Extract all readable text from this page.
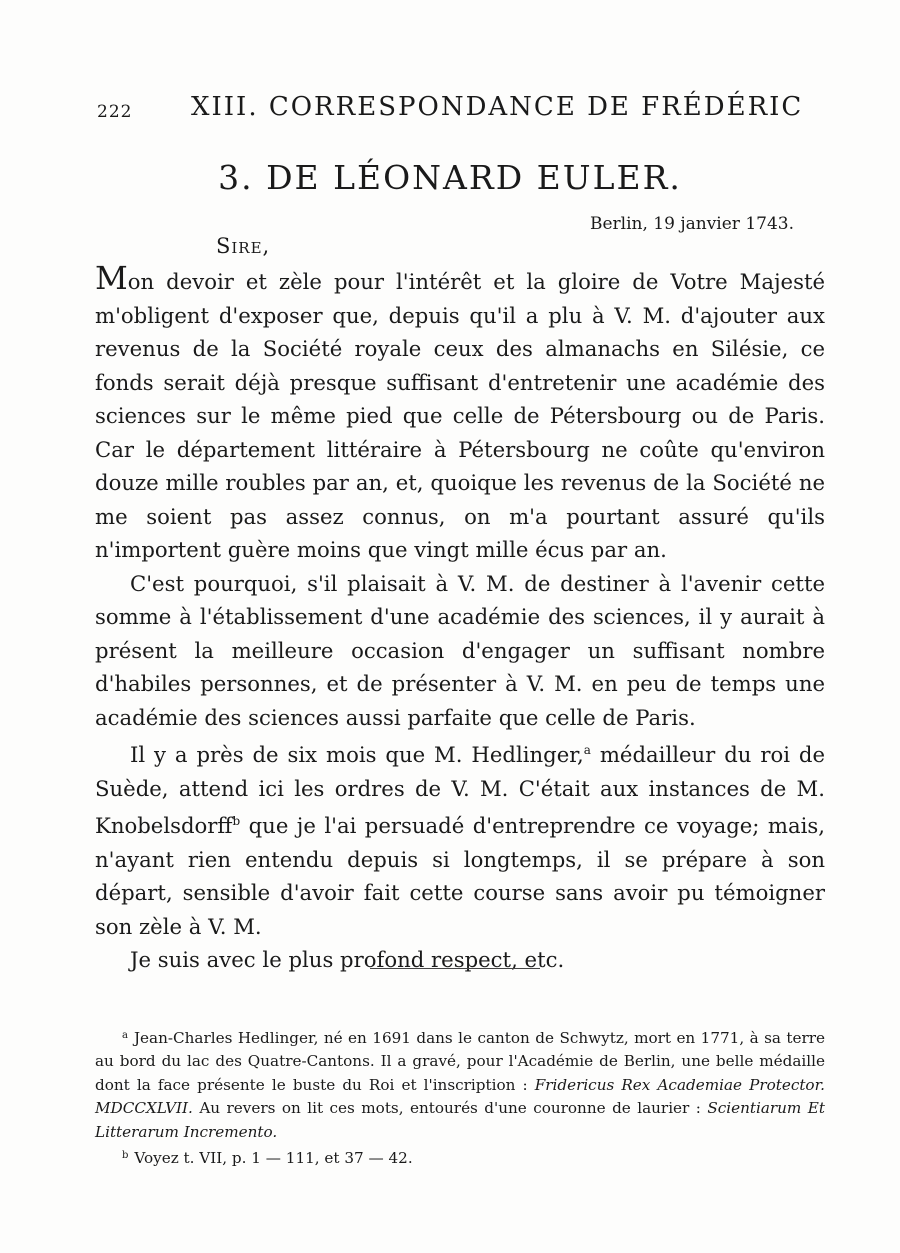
222 XIII. CORRESPONDANCE DE FRÉDÉRIC
3. DE LÉONARD EULER.
Berlin, 19 janvier 1743.
Sire,

Mon devoir et zèle pour l'intérêt et la gloire de Votre Majesté m'obligent d'exposer que, depuis qu'il a plu à V. M. d'ajouter aux revenus de la Société royale ceux des almanachs en Silésie, ce fonds serait déjà presque suffisant d'entretenir une académie des sciences sur le même pied que celle de Pétersbourg ou de Paris. Car le département littéraire à Pétersbourg ne coûte qu'environ douze mille roubles par an, et, quoique les revenus de la Société ne me soient pas assez connus, on m'a pourtant assuré qu'ils n'importent guère moins que vingt mille écus par an.

C'est pourquoi, s'il plaisait à V. M. de destiner à l'avenir cette somme à l'établissement d'une académie des sciences, il y aurait à présent la meilleure occasion d'engager un suffisant nombre d'habiles personnes, et de présenter à V. M. en peu de temps une académie des sciences aussi parfaite que celle de Paris.

Il y a près de six mois que M. Hedlinger,$^a$ médailleur du roi de Suède, attend ici les ordres de V. M. C'était aux instances de M. Knobelsdorff$^b$ que je l'ai persuadé d'entreprendre ce voyage; mais, n'ayant rien entendu depuis si longtemps, il se prépare à son départ, sensible d'avoir fait cette course sans avoir pu témoigner son zèle à V. M.

Je suis avec le plus profond respect, etc.

$^a$ Jean-Charles Hedlinger, né en 1691 dans le canton de Schwytz, mort en 1771, à sa terre au bord du lac des Quatre-Cantons. Il a gravé, pour l'Académie de Berlin, une belle médaille dont la face présente le buste du Roi et l'inscription : Fridericus Rex Academiae Protector. MDCCXLVII. Au revers on lit ces mots, entourés d'une couronne de laurier : Scientiarum Et Litterarum Incremento.

$^b$ Voyez t. VII, p. 1 — 111, et 37 — 42.
